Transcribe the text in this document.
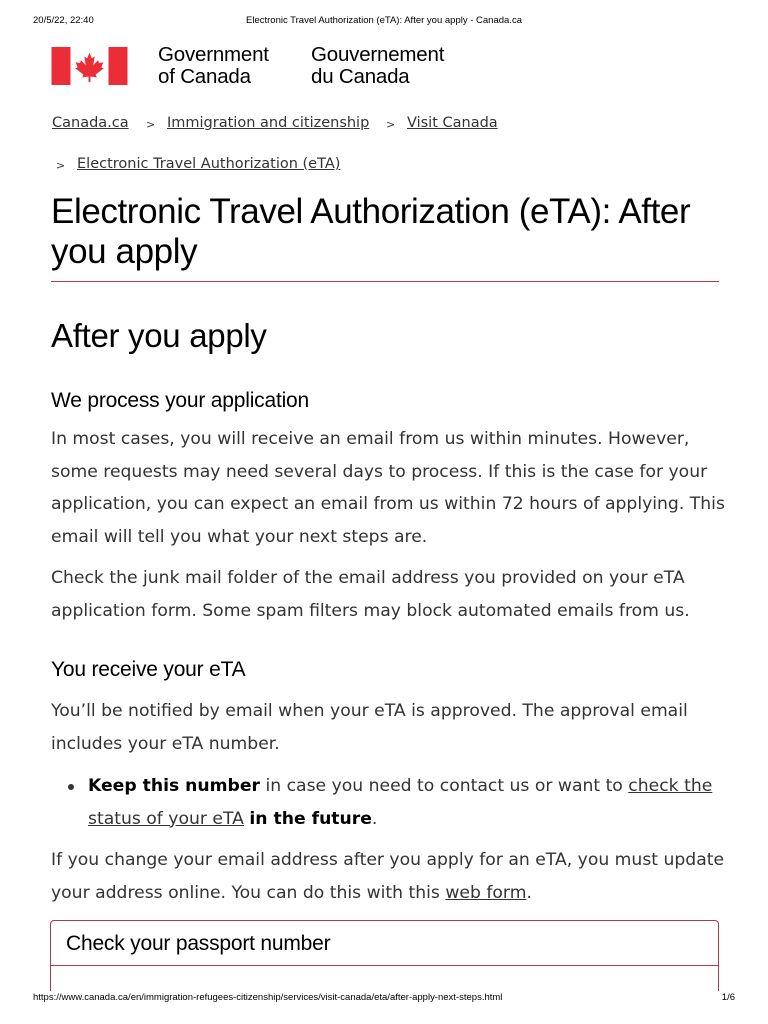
20/5/22, 22:40	Electronic Travel Authorization (eTA): After you apply - Canada.ca
Government
of Canada
Gouvernement
du Canada
Canada.ca > Immigration and citizenship > Visit Canada
> Electronic Travel Authorization (eTA)
Electronic Travel Authorization (eTA): After you apply
After you apply
We process your application

In most cases, you will receive an email from us within minutes. However, some requests may need several days to process. If this is the case for your application, you can expect an email from us within 72 hours of applying. This email will tell you what your next steps are.

Check the junk mail folder of the email address you provided on your eTA application form. Some spam filters may block automated emails from us.

You receive your eTA

You’ll be notified by email when your eTA is approved. The approval email includes your eTA number.

Keep this number in case you need to contact us or want to check the status of your eTA in the future.

If you change your email address after you apply for an eTA, you must update your address online. You can do this with this web form.

Check your passport number
https://www.canada.ca/en/immigration-refugees-citizenship/services/visit-canada/eta/after-apply-next-steps.html	1/6
